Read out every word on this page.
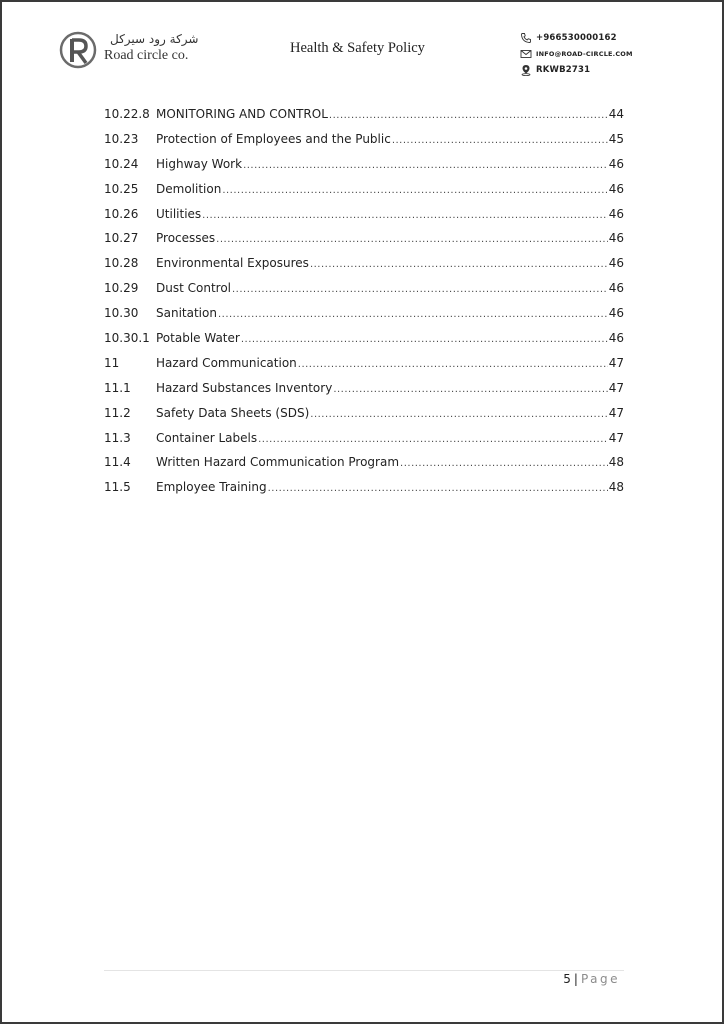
شركة رود سيركل
Road circle co.	Health & Safety Policy
+966530000162
INFO@ROAD-CIRCLE.COM
RKWB2731
10.22.8 MONITORING AND CONTROL .....	44
10.23	Protection of Employees and the Public .....	45
10.24	Highway Work .....	46
10.25	Demolition .....	46
10.26	Utilities .....	46
10.27	Processes .....	46
10.28	Environmental Exposures .....	46
10.29	Dust Control .....	46
10.30	Sanitation .....	46
10.30.1 Potable Water .....	46
11	Hazard Communication .....	47
11.1	Hazard Substances Inventory .....	47
11.2	Safety Data Sheets (SDS) .....	47
11.3	Container Labels .....	47
11.4	Written Hazard Communication Program .....	48
11.5	Employee Training .....	48
5 | Page
